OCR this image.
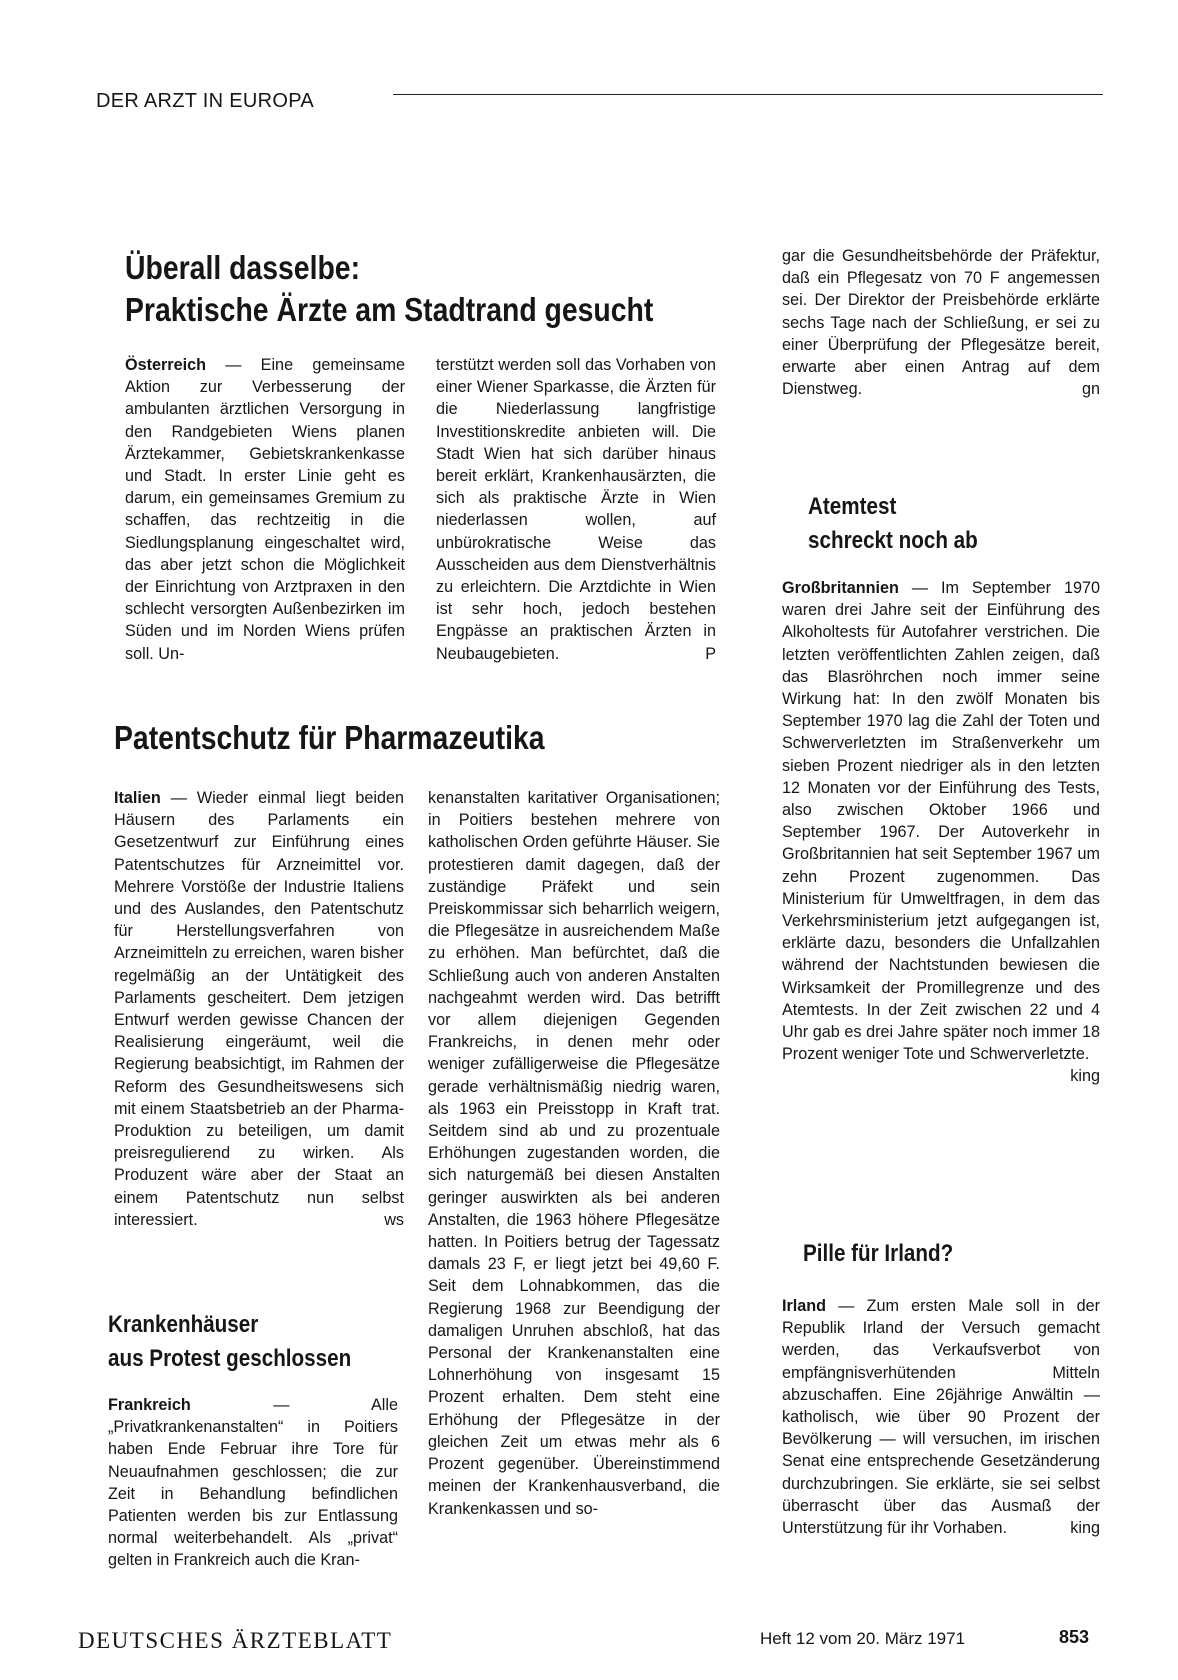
DER ARZT IN EUROPA
Überall dasselbe:
Praktische Ärzte am Stadtrand gesucht

Österreich — Eine gemeinsame Aktion zur Verbesserung der ambulanten ärztlichen Versorgung in den Randgebieten Wiens planen Ärztekammer, Gebietskrankenkasse und Stadt. In erster Linie geht es darum, ein gemeinsames Gremium zu schaffen, das rechtzeitig in die Siedlungsplanung eingeschaltet wird, das aber jetzt schon die Möglichkeit der Einrichtung von Arztpraxen in den schlecht versorgten Außenbezirken im Süden und im Norden Wiens prüfen soll. Un-

terstützt werden soll das Vorhaben von einer Wiener Sparkasse, die Ärzten für die Niederlassung langfristige Investitionskredite anbieten will. Die Stadt Wien hat sich darüber hinaus bereit erklärt, Krankenhausärzten, die sich als praktische Ärzte in Wien niederlassen wollen, auf unbürokratische Weise das Ausscheiden aus dem Dienstverhältnis zu erleichtern. Die Arztdichte in Wien ist sehr hoch, jedoch bestehen Engpässe an praktischen Ärzten in Neubaugebieten.	P

Patentschutz für Pharmazeutika

Italien — Wieder einmal liegt beiden Häusern des Parlaments ein Gesetzentwurf zur Einführung eines Patentschutzes für Arzneimittel vor. Mehrere Vorstöße der Industrie Italiens und des Auslandes, den Patentschutz für Herstellungsverfahren von Arzneimitteln zu erreichen, waren bisher regelmäßig an der Untätigkeit des Parlaments gescheitert. Dem jetzigen Entwurf werden gewisse Chancen der Realisierung eingeräumt, weil die Regierung beabsichtigt, im Rahmen der Reform des Gesundheitswesens sich mit einem Staatsbetrieb an der Pharma-Produktion zu beteiligen, um damit preisregulierend zu wirken. Als Produzent wäre aber der Staat an einem Patentschutz nun selbst interessiert.	ws

Krankenhäuser
aus Protest geschlossen

Frankreich — Alle „Privatkrankenanstalten“ in Poitiers haben Ende Februar ihre Tore für Neuaufnahmen geschlossen; die zur Zeit in Behandlung befindlichen Patienten werden bis zur Entlassung normal weiterbehandelt. Als „privat“ gelten in Frankreich auch die Kran-

kenanstalten karitativer Organisationen; in Poitiers bestehen mehrere von katholischen Orden geführte Häuser. Sie protestieren damit dagegen, daß der zuständige Präfekt und sein Preiskommissar sich beharrlich weigern, die Pflegesätze in ausreichendem Maße zu erhöhen. Man befürchtet, daß die Schließung auch von anderen Anstalten nachgeahmt werden wird. Das betrifft vor allem diejenigen Gegenden Frankreichs, in denen mehr oder weniger zufälligerweise die Pflegesätze gerade verhältnismäßig niedrig waren, als 1963 ein Preisstopp in Kraft trat. Seitdem sind ab und zu prozentuale Erhöhungen zugestanden worden, die sich naturgemäß bei diesen Anstalten geringer auswirkten als bei anderen Anstalten, die 1963 höhere Pflegesätze hatten. In Poitiers betrug der Tagessatz damals 23 F, er liegt jetzt bei 49,60 F. Seit dem Lohnabkommen, das die Regierung 1968 zur Beendigung der damaligen Unruhen abschloß, hat das Personal der Krankenanstalten eine Lohnerhöhung von insgesamt 15 Prozent erhalten. Dem steht eine Erhöhung der Pflegesätze in der gleichen Zeit um etwas mehr als 6 Prozent gegenüber. Übereinstimmend meinen der Krankenhausverband, die Krankenkassen und so-

gar die Gesundheitsbehörde der Präfektur, daß ein Pflegesatz von 70 F angemessen sei. Der Direktor der Preisbehörde erklärte sechs Tage nach der Schließung, er sei zu einer Überprüfung der Pflegesätze bereit, erwarte aber einen Antrag auf dem Dienstweg.	gn

Atemtest
schreckt noch ab

Großbritannien — Im September 1970 waren drei Jahre seit der Einführung des Alkoholtests für Autofahrer verstrichen. Die letzten veröffentlichten Zahlen zeigen, daß das Blasröhrchen noch immer seine Wirkung hat: In den zwölf Monaten bis September 1970 lag die Zahl der Toten und Schwerverletzten im Straßenverkehr um sieben Prozent niedriger als in den letzten 12 Monaten vor der Einführung des Tests, also zwischen Oktober 1966 und September 1967. Der Autoverkehr in Großbritannien hat seit September 1967 um zehn Prozent zugenommen. Das Ministerium für Umweltfragen, in dem das Verkehrsministerium jetzt aufgegangen ist, erklärte dazu, besonders die Unfallzahlen während der Nachtstunden bewiesen die Wirksamkeit der Promillegrenze und des Atemtests. In der Zeit zwischen 22 und 4 Uhr gab es drei Jahre später noch immer 18 Prozent weniger Tote und Schwerverletzte.
king

Pille für Irland?

Irland — Zum ersten Male soll in der Republik Irland der Versuch gemacht werden, das Verkaufsverbot von empfängnisverhütenden Mitteln abzuschaffen. Eine 26jährige Anwältin — katholisch, wie über 90 Prozent der Bevölkerung — will versuchen, im irischen Senat eine entsprechende Gesetzänderung durchzubringen. Sie erklärte, sie sei selbst überrascht über das Ausmaß der Unterstützung für ihr Vorhaben.	king

DEUTSCHES ÄRZTEBLATT	Heft 12 vom 20. März 1971	853
